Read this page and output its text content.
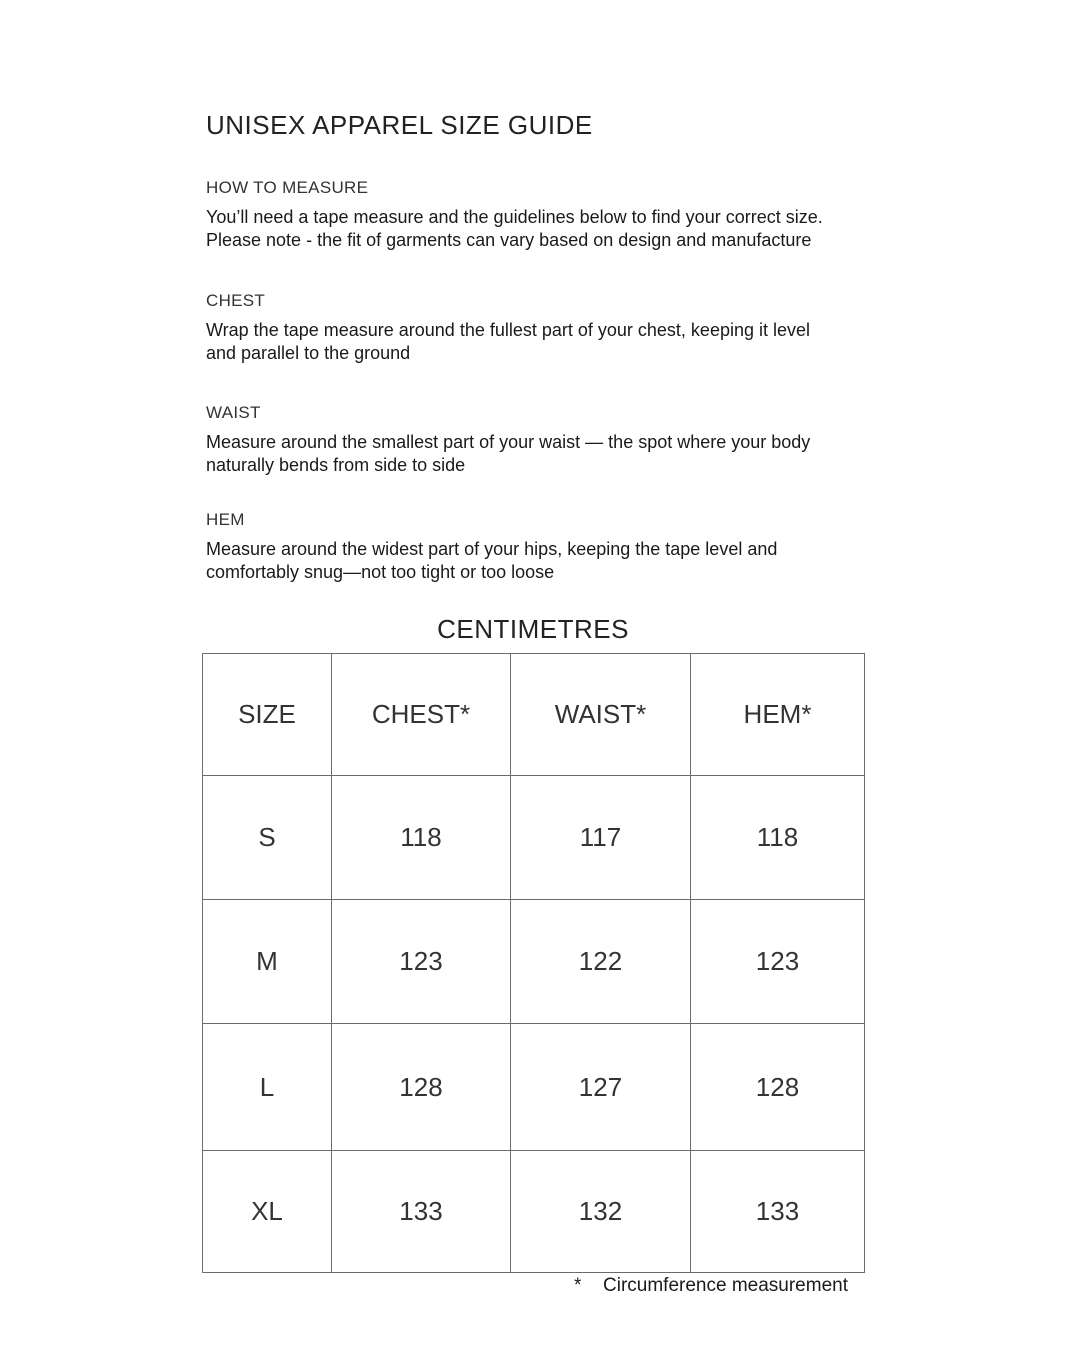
UNISEX APPAREL SIZE GUIDE
HOW TO MEASURE
You’ll need a tape measure and the guidelines below to find your correct size.
Please note - the fit of garments can vary based on design and manufacture
CHEST
Wrap the tape measure around the fullest part of your chest, keeping it level
and parallel to the ground
WAIST
Measure around the smallest part of your waist — the spot where your body
naturally bends from side to side
HEM
Measure around the widest part of your hips, keeping the tape level and
comfortably snug—not too tight or too loose
CENTIMETRES
SIZE	CHEST*	WAIST*	HEM*
S	118	117	118
M	123	122	123
L	128	127	128
XL	133	132	133
* Circumference measurement
